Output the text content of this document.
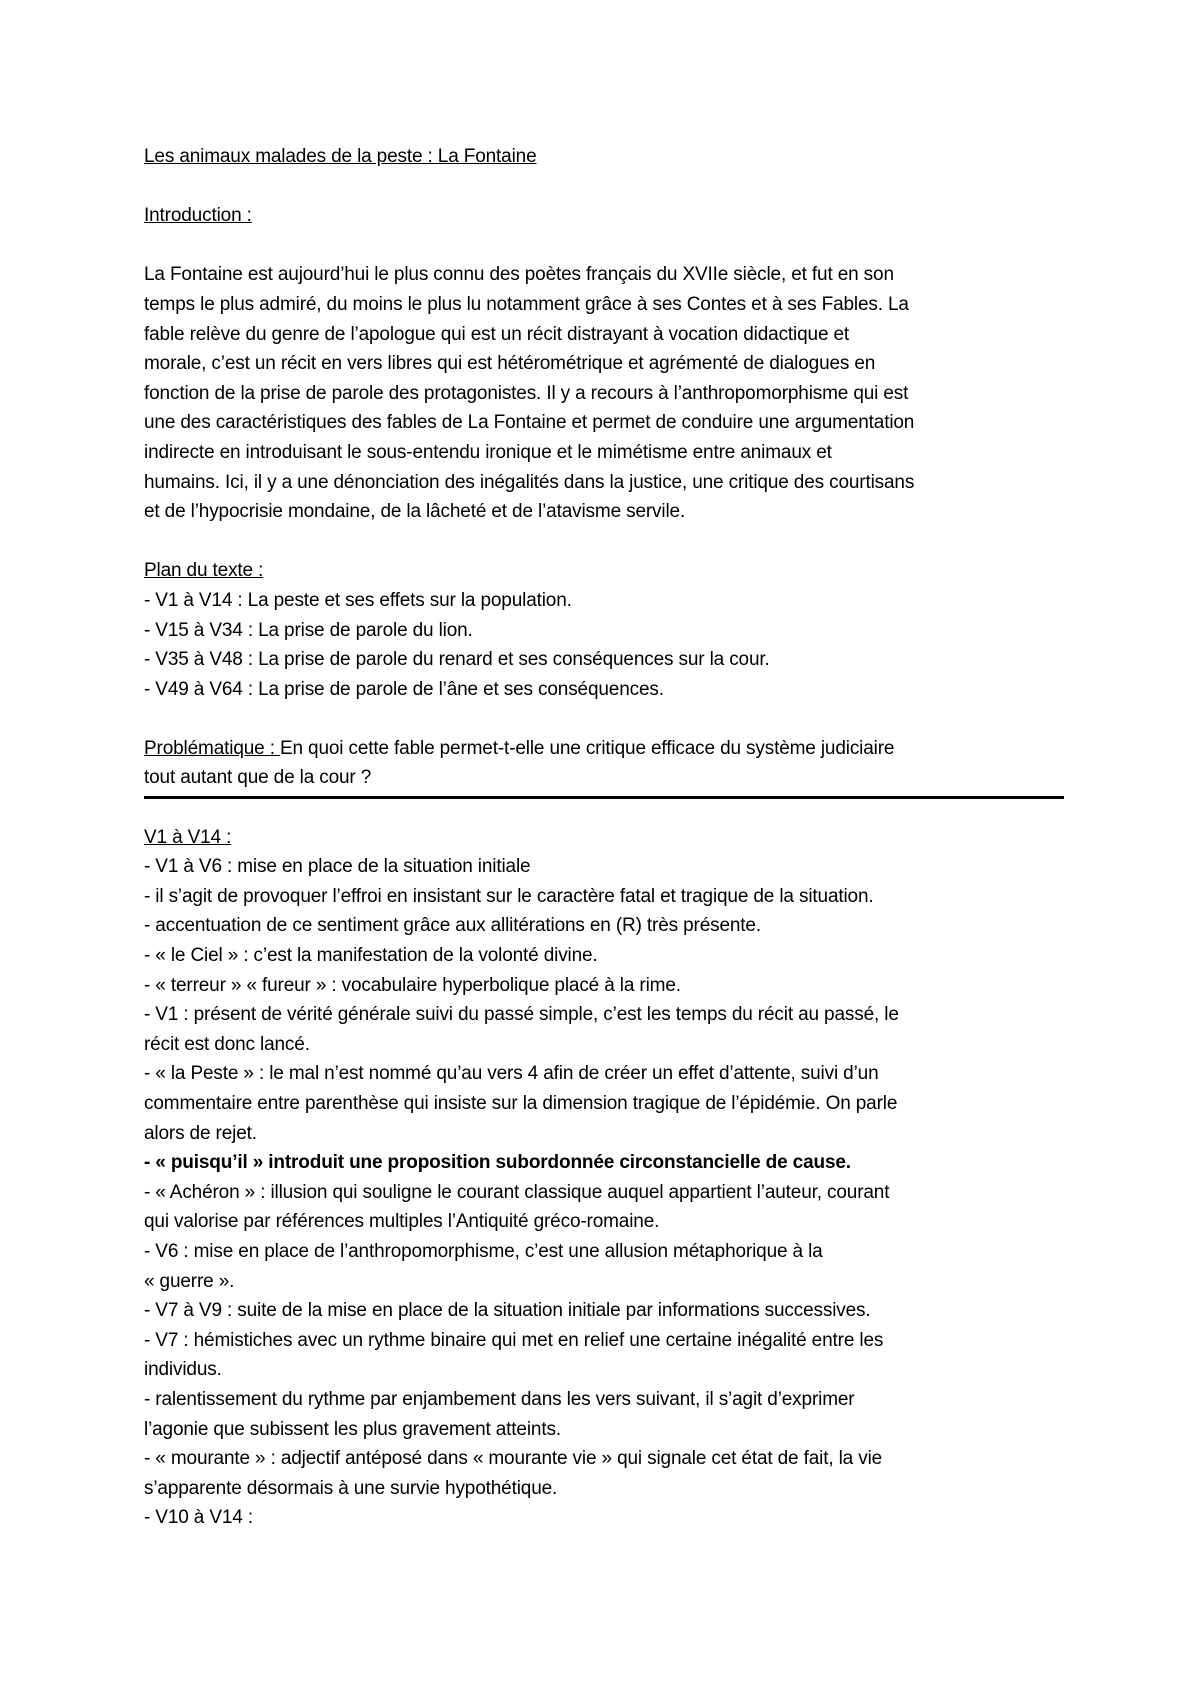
Les animaux malades de la peste : La Fontaine
Introduction :
La Fontaine est aujourd’hui le plus connu des poètes français du XVIIe siècle, et fut en son
temps le plus admiré, du moins le plus lu notamment grâce à ses Contes et à ses Fables. La
fable relève du genre de l’apologue qui est un récit distrayant à vocation didactique et
morale, c’est un récit en vers libres qui est hétérométrique et agrémenté de dialogues en
fonction de la prise de parole des protagonistes. Il y a recours à l’anthropomorphisme qui est
une des caractéristiques des fables de La Fontaine et permet de conduire une argumentation
indirecte en introduisant le sous-entendu ironique et le mimétisme entre animaux et
humains. Ici, il y a une dénonciation des inégalités dans la justice, une critique des courtisans
et de l’hypocrisie mondaine, de la lâcheté et de l’atavisme servile.
Plan du texte :
- V1 à V14 : La peste et ses effets sur la population.
- V15 à V34 : La prise de parole du lion.
- V35 à V48 : La prise de parole du renard et ses conséquences sur la cour.
- V49 à V64 : La prise de parole de l’âne et ses conséquences.
Problématique : En quoi cette fable permet-t-elle une critique efficace du système judiciaire
tout autant que de la cour ?
V1 à V14 :
- V1 à V6 : mise en place de la situation initiale
- il s’agit de provoquer l’effroi en insistant sur le caractère fatal et tragique de la situation.
- accentuation de ce sentiment grâce aux allitérations en (R) très présente.
- « le Ciel » : c’est la manifestation de la volonté divine.
- « terreur » « fureur » : vocabulaire hyperbolique placé à la rime.
- V1 : présent de vérité générale suivi du passé simple, c’est les temps du récit au passé, le
récit est donc lancé.
- « la Peste » : le mal n’est nommé qu’au vers 4 afin de créer un effet d’attente, suivi d’un
commentaire entre parenthèse qui insiste sur la dimension tragique de l’épidémie. On parle
alors de rejet.
- « puisqu’il » introduit une proposition subordonnée circonstancielle de cause.
- « Achéron » : illusion qui souligne le courant classique auquel appartient l’auteur, courant
qui valorise par références multiples l’Antiquité gréco-romaine.
- V6 : mise en place de l’anthropomorphisme, c’est une allusion métaphorique à la
« guerre ».
- V7 à V9 : suite de la mise en place de la situation initiale par informations successives.
- V7 : hémistiches avec un rythme binaire qui met en relief une certaine inégalité entre les
individus.
- ralentissement du rythme par enjambement dans les vers suivant, il s’agit d’exprimer
l’agonie que subissent les plus gravement atteints.
- « mourante » : adjectif antéposé dans « mourante vie » qui signale cet état de fait, la vie
s’apparente désormais à une survie hypothétique.
- V10 à V14 :
